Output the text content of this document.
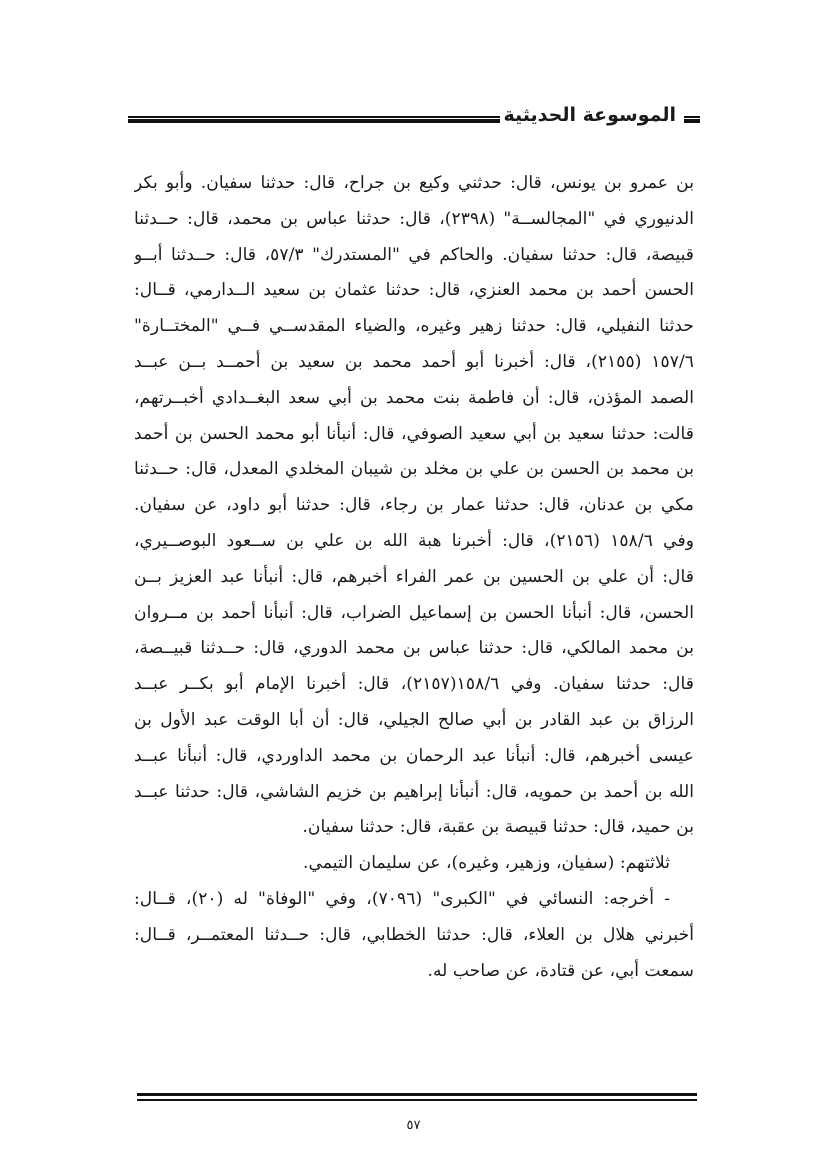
الموسوعة الحديثية
بن عمرو بن يونس، قال: حدثني وكيع بن جراح، قال: حدثنا سفيان. وأبو بكر
الدنيوري في "المجالســة" (٢٣٩٨)، قال: حدثنا عباس بن محمد، قال: حــدثنا
قبيصة، قال: حدثنا سفيان. والحاكم في "المستدرك" ٥٧/٣، قال: حــدثنا أبــو
الحسن أحمد بن محمد العنزي، قال: حدثنا عثمان بن سعيد الــدارمي، قــال:
حدثنا النفيلي، قال: حدثنا زهير وغيره، والضياء المقدســي فــي "المختــارة"
١٥٧/٦ (٢١٥٥)، قال: أخبرنا أبو أحمد محمد بن سعيد بن أحمــد بــن عبــد
الصمد المؤذن، قال: أن فاطمة بنت محمد بن أبي سعد البغــدادي أخبــرتهم،
قالت: حدثنا سعيد بن أبي سعيد الصوفي، قال: أنبأنا أبو محمد الحسن بن أحمد
بن محمد بن الحسن بن علي بن مخلد بن شيبان المخلدي المعدل، قال: حــدثنا
مكي بن عدنان، قال: حدثنا عمار بن رجاء، قال: حدثنا أبو داود، عن سفيان.
وفي ١٥٨/٦ (٢١٥٦)، قال: أخبرنا هبة الله بن علي بن ســعود البوصــيري،
قال: أن علي بن الحسين بن عمر الفراء أخبرهم، قال: أنبأنا عبد العزيز بــن
الحسن، قال: أنبأنا الحسن بن إسماعيل الضراب، قال: أنبأنا أحمد بن مــروان
بن محمد المالكي، قال: حدثنا عباس بن محمد الدوري، قال: حــدثنا قبيــصة،
قال: حدثنا سفيان. وفي ١٥٨/٦(٢١٥٧)، قال: أخبرنا الإمام أبو بكــر عبــد
الرزاق بن عبد القادر بن أبي صالح الجيلي، قال: أن أبا الوقت عبد الأول بن
عيسى أخبرهم، قال: أنبأنا عبد الرحمان بن محمد الداوردي، قال: أنبأنا عبــد
الله بن أحمد بن حمويه، قال: أنبأنا إبراهيم بن خزيم الشاشي، قال: حدثنا عبــد
بن حميد، قال: حدثنا قبيصة بن عقبة، قال: حدثنا سفيان.
ثلاثتهم: (سفيان، وزهير، وغيره)، عن سليمان التيمي.
- أخرجه: النسائي في "الكبرى" (٧٠٩٦)، وفي "الوفاة" له (٢٠)، قــال:
أخبرني هلال بن العلاء، قال: حدثنا الخطابي، قال: حــدثنا المعتمــر، قــال:
سمعت أبي، عن قتادة، عن صاحب له.
٥٧
